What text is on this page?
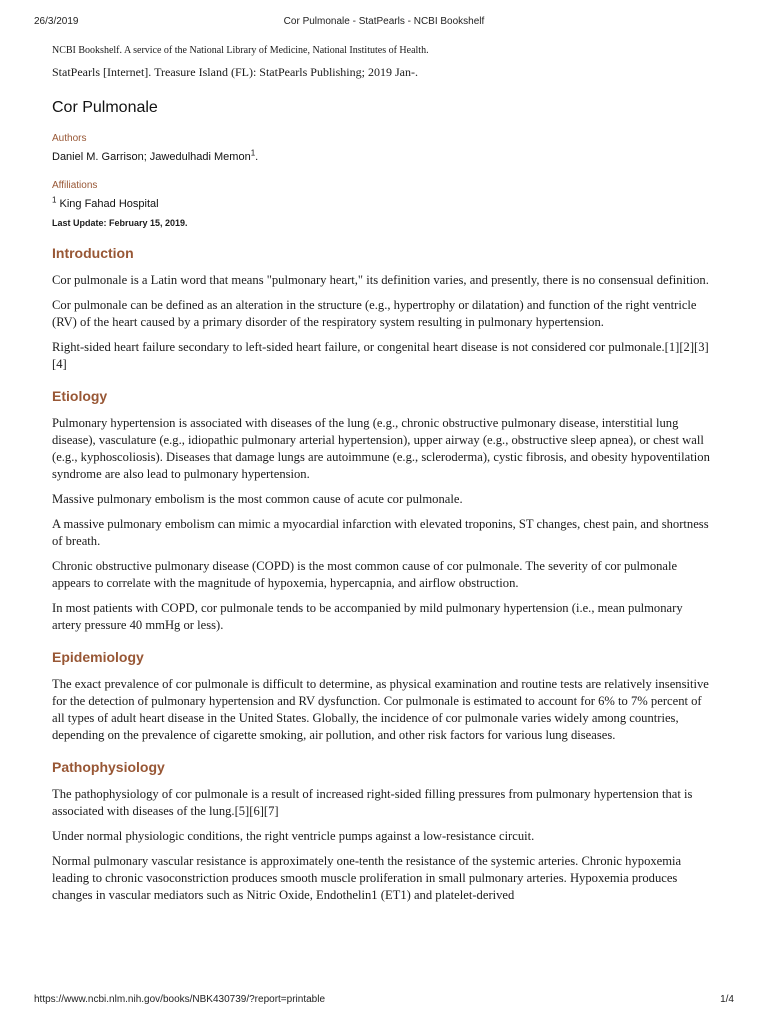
26/3/2019	Cor Pulmonale - StatPearls - NCBI Bookshelf

NCBI Bookshelf. A service of the National Library of Medicine, National Institutes of Health.

StatPearls [Internet]. Treasure Island (FL): StatPearls Publishing; 2019 Jan-.

Cor Pulmonale
Authors
Daniel M. Garrison; Jawedulhadi Memon$^1$.
Affiliations
$^1$ King Fahad Hospital
Last Update: February 15, 2019.
Introduction

Cor pulmonale is a Latin word that means "pulmonary heart," its definition varies, and presently, there is no consensual definition.

Cor pulmonale can be defined as an alteration in the structure (e.g., hypertrophy or dilatation) and function of the right ventricle (RV) of the heart caused by a primary disorder of the respiratory system resulting in pulmonary hypertension.

Right-sided heart failure secondary to left-sided heart failure, or congenital heart disease is not considered cor pulmonale.[1][2][3][4]

Etiology

Pulmonary hypertension is associated with diseases of the lung (e.g., chronic obstructive pulmonary disease, interstitial lung disease), vasculature (e.g., idiopathic pulmonary arterial hypertension), upper airway (e.g., obstructive sleep apnea), or chest wall (e.g., kyphoscoliosis). Diseases that damage lungs are autoimmune (e.g., scleroderma), cystic fibrosis, and obesity hypoventilation syndrome are also lead to pulmonary hypertension.

Massive pulmonary embolism is the most common cause of acute cor pulmonale.

A massive pulmonary embolism can mimic a myocardial infarction with elevated troponins, ST changes, chest pain, and shortness of breath.

Chronic obstructive pulmonary disease (COPD) is the most common cause of cor pulmonale. The severity of cor pulmonale appears to correlate with the magnitude of hypoxemia, hypercapnia, and airflow obstruction.

In most patients with COPD, cor pulmonale tends to be accompanied by mild pulmonary hypertension (i.e., mean pulmonary artery pressure 40 mmHg or less).

Epidemiology

The exact prevalence of cor pulmonale is difficult to determine, as physical examination and routine tests are relatively insensitive for the detection of pulmonary hypertension and RV dysfunction. Cor pulmonale is estimated to account for 6% to 7% percent of all types of adult heart disease in the United States. Globally, the incidence of cor pulmonale varies widely among countries, depending on the prevalence of cigarette smoking, air pollution, and other risk factors for various lung diseases.

Pathophysiology

The pathophysiology of cor pulmonale is a result of increased right-sided filling pressures from pulmonary hypertension that is associated with diseases of the lung.[5][6][7]

Under normal physiologic conditions, the right ventricle pumps against a low-resistance circuit.

Normal pulmonary vascular resistance is approximately one-tenth the resistance of the systemic arteries. Chronic hypoxemia leading to chronic vasoconstriction produces smooth muscle proliferation in small pulmonary arteries. Hypoxemia produces changes in vascular mediators such as Nitric Oxide, Endothelin1 (ET1) and platelet-derived

https://www.ncbi.nlm.nih.gov/books/NBK430739/?report=printable	1/4
